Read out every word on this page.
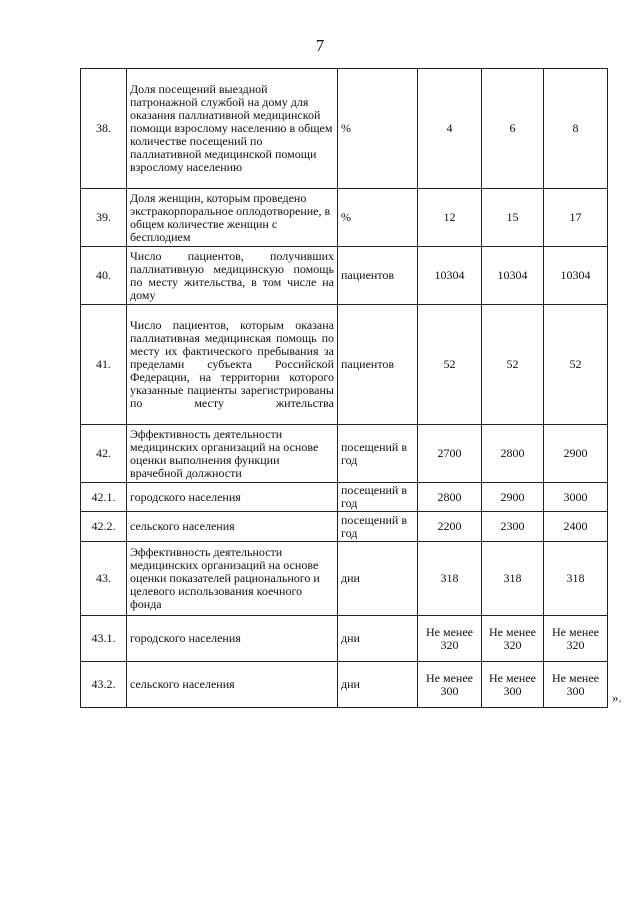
7
38.	Доля посещений выездной патронажной службой на дому для оказания паллиативной медицинской помощи взрослому населению в общем количестве посещений по паллиативной медицинской помощи взрослому населению	%	4	6	8
39.	Доля женщин, которым проведено экстракорпоральное оплодотворение, в общем количестве женщин с бесплодием	%	12	15	17
40.	Число пациентов, получивших паллиативную медицинскую помощь по месту жительства, в том числе на дому	пациентов	10304	10304	10304
41.	Число пациентов, которым оказана паллиативная медицинская помощь по месту их фактического пребывания за пределами субъекта Российской Федерации, на территории которого указанные пациенты зарегистрированы по месту жительства	пациентов	52	52	52
42.	Эффективность деятельности медицинских организаций на основе оценки выполнения функции врачебной должности	посещений в год	2700	2800	2900
42.1.	городского населения	посещений в год	2800	2900	3000
42.2.	сельского населения	посещений в год	2200	2300	2400
43.	Эффективность деятельности медицинских организаций на основе оценки показателей рационального и целевого использования коечного фонда	дни	318	318	318
43.1.	городского населения	дни	Не менее 320	Не менее 320	Не менее 320
43.2.	сельского населения	дни	Не менее 300	Не менее 300	Не менее 300 ».
